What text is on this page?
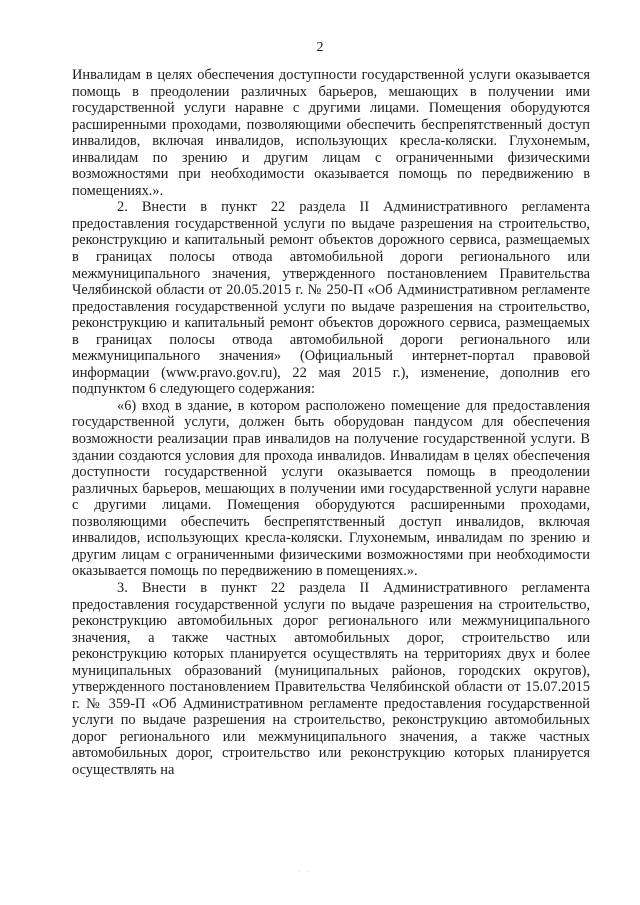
2

Инвалидам в целях обеспечения доступности государственной услуги оказывается помощь в преодолении различных барьеров, мешающих в получении ими государственной услуги наравне с другими лицами. Помещения оборудуются расширенными проходами, позволяющими обеспечить беспрепятственный доступ инвалидов, включая инвалидов, использующих кресла-коляски. Глухонемым, инвалидам по зрению и другим лицам с ограниченными физическими возможностями при необходимости оказывается помощь по передвижению в помещениях.».

2. Внести в пункт 22 раздела II Административного регламента предоставления государственной услуги по выдаче разрешения на строительство, реконструкцию и капитальный ремонт объектов дорожного сервиса, размещаемых в границах полосы отвода автомобильной дороги регионального или межмуниципального значения, утвержденного постановлением Правительства Челябинской области от 20.05.2015 г. № 250-П «Об Административном регламенте предоставления государственной услуги по выдаче разрешения на строительство, реконструкцию и капитальный ремонт объектов дорожного сервиса, размещаемых в границах полосы отвода автомобильной дороги регионального или межмуниципального значения» (Официальный интернет-портал правовой информации (www.pravo.gov.ru), 22 мая 2015 г.), изменение, дополнив его подпунктом 6 следующего содержания:

«6) вход в здание, в котором расположено помещение для предоставления государственной услуги, должен быть оборудован пандусом для обеспечения возможности реализации прав инвалидов на получение государственной услуги. В здании создаются условия для прохода инвалидов. Инвалидам в целях обеспечения доступности государственной услуги оказывается помощь в преодолении различных барьеров, мешающих в получении ими государственной услуги наравне с другими лицами. Помещения оборудуются расширенными проходами, позволяющими обеспечить беспрепятственный доступ инвалидов, включая инвалидов, использующих кресла-коляски. Глухонемым, инвалидам по зрению и другим лицам с ограниченными физическими возможностями при необходимости оказывается помощь по передвижению в помещениях.».

3. Внести в пункт 22 раздела II Административного регламента предоставления государственной услуги по выдаче разрешения на строительство, реконструкцию автомобильных дорог регионального или межмуниципального значения, а также частных автомобильных дорог, строительство или реконструкцию которых планируется осуществлять на территориях двух и более муниципальных образований (муниципальных районов, городских округов), утвержденного постановлением Правительства Челябинской области от 15.07.2015 г. № 359-П «Об Административном регламенте предоставления государственной услуги по выдаче разрешения на строительство, реконструкцию автомобильных дорог регионального или межмуниципального значения, а также частных автомобильных дорог, строительство или реконструкцию которых планируется осуществлять на

· ·
